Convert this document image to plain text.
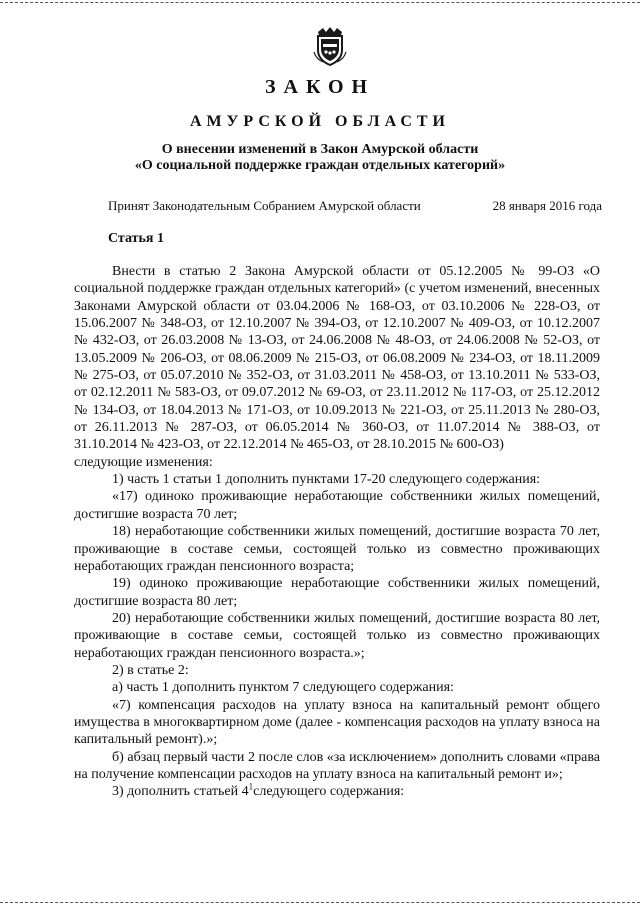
ЗАКОН
АМУРСКОЙ ОБЛАСТИ
О внесении изменений в Закон Амурской области
«О социальной поддержке граждан отдельных категорий»
Принят Законодательным Собранием Амурской области	28 января 2016 года
Статья 1

Внести в статью 2 Закона Амурской области от 05.12.2005 № 99-ОЗ «О социальной поддержке граждан отдельных категорий» (с учетом изменений, внесенных Законами Амурской области от 03.04.2006 № 168-ОЗ, от 03.10.2006 № 228-ОЗ, от 15.06.2007 № 348-ОЗ, от 12.10.2007 № 394-ОЗ, от 12.10.2007 № 409-ОЗ, от 10.12.2007 № 432-ОЗ, от 26.03.2008 № 13-ОЗ, от 24.06.2008 № 48-ОЗ, от 24.06.2008 № 52-ОЗ, от 13.05.2009 № 206-ОЗ, от 08.06.2009 № 215-ОЗ, от 06.08.2009 № 234-ОЗ, от 18.11.2009 № 275-ОЗ, от 05.07.2010 № 352-ОЗ, от 31.03.2011 № 458-ОЗ, от 13.10.2011 № 533-ОЗ, от 02.12.2011 № 583-ОЗ, от 09.07.2012 № 69-ОЗ, от 23.11.2012 № 117-ОЗ, от 25.12.2012 № 134-ОЗ, от 18.04.2013 № 171-ОЗ, от 10.09.2013 № 221-ОЗ, от 25.11.2013 № 280-ОЗ, от 26.11.2013 № 287-ОЗ, от 06.05.2014 № 360-ОЗ, от 11.07.2014 № 388-ОЗ, от 31.10.2014 № 423-ОЗ, от 22.12.2014 № 465-ОЗ, от 28.10.2015 № 600-ОЗ)

следующие изменения:

1) часть 1 статьи 1 дополнить пунктами 17-20 следующего содержания:

«17) одиноко проживающие неработающие собственники жилых помещений, достигшие возраста 70 лет;

18) неработающие собственники жилых помещений, достигшие возраста 70 лет, проживающие в составе семьи, состоящей только из совместно проживающих неработающих граждан пенсионного возраста;

19) одиноко проживающие неработающие собственники жилых помещений, достигшие возраста 80 лет;

20) неработающие собственники жилых помещений, достигшие возраста 80 лет, проживающие в составе семьи, состоящей только из совместно проживающих неработающих граждан пенсионного возраста.»;

2) в статье 2:

а) часть 1 дополнить пунктом 7 следующего содержания:

«7) компенсация расходов на уплату взноса на капитальный ремонт общего имущества в многоквартирном доме (далее - компенсация расходов на уплату взноса на капитальный ремонт).»;

б) абзац первый части 2 после слов «за исключением» дополнить словами «права на получение компенсации расходов на уплату взноса на капитальный ремонт и»;

3) дополнить статьей $4^1следующего$ содержания:
